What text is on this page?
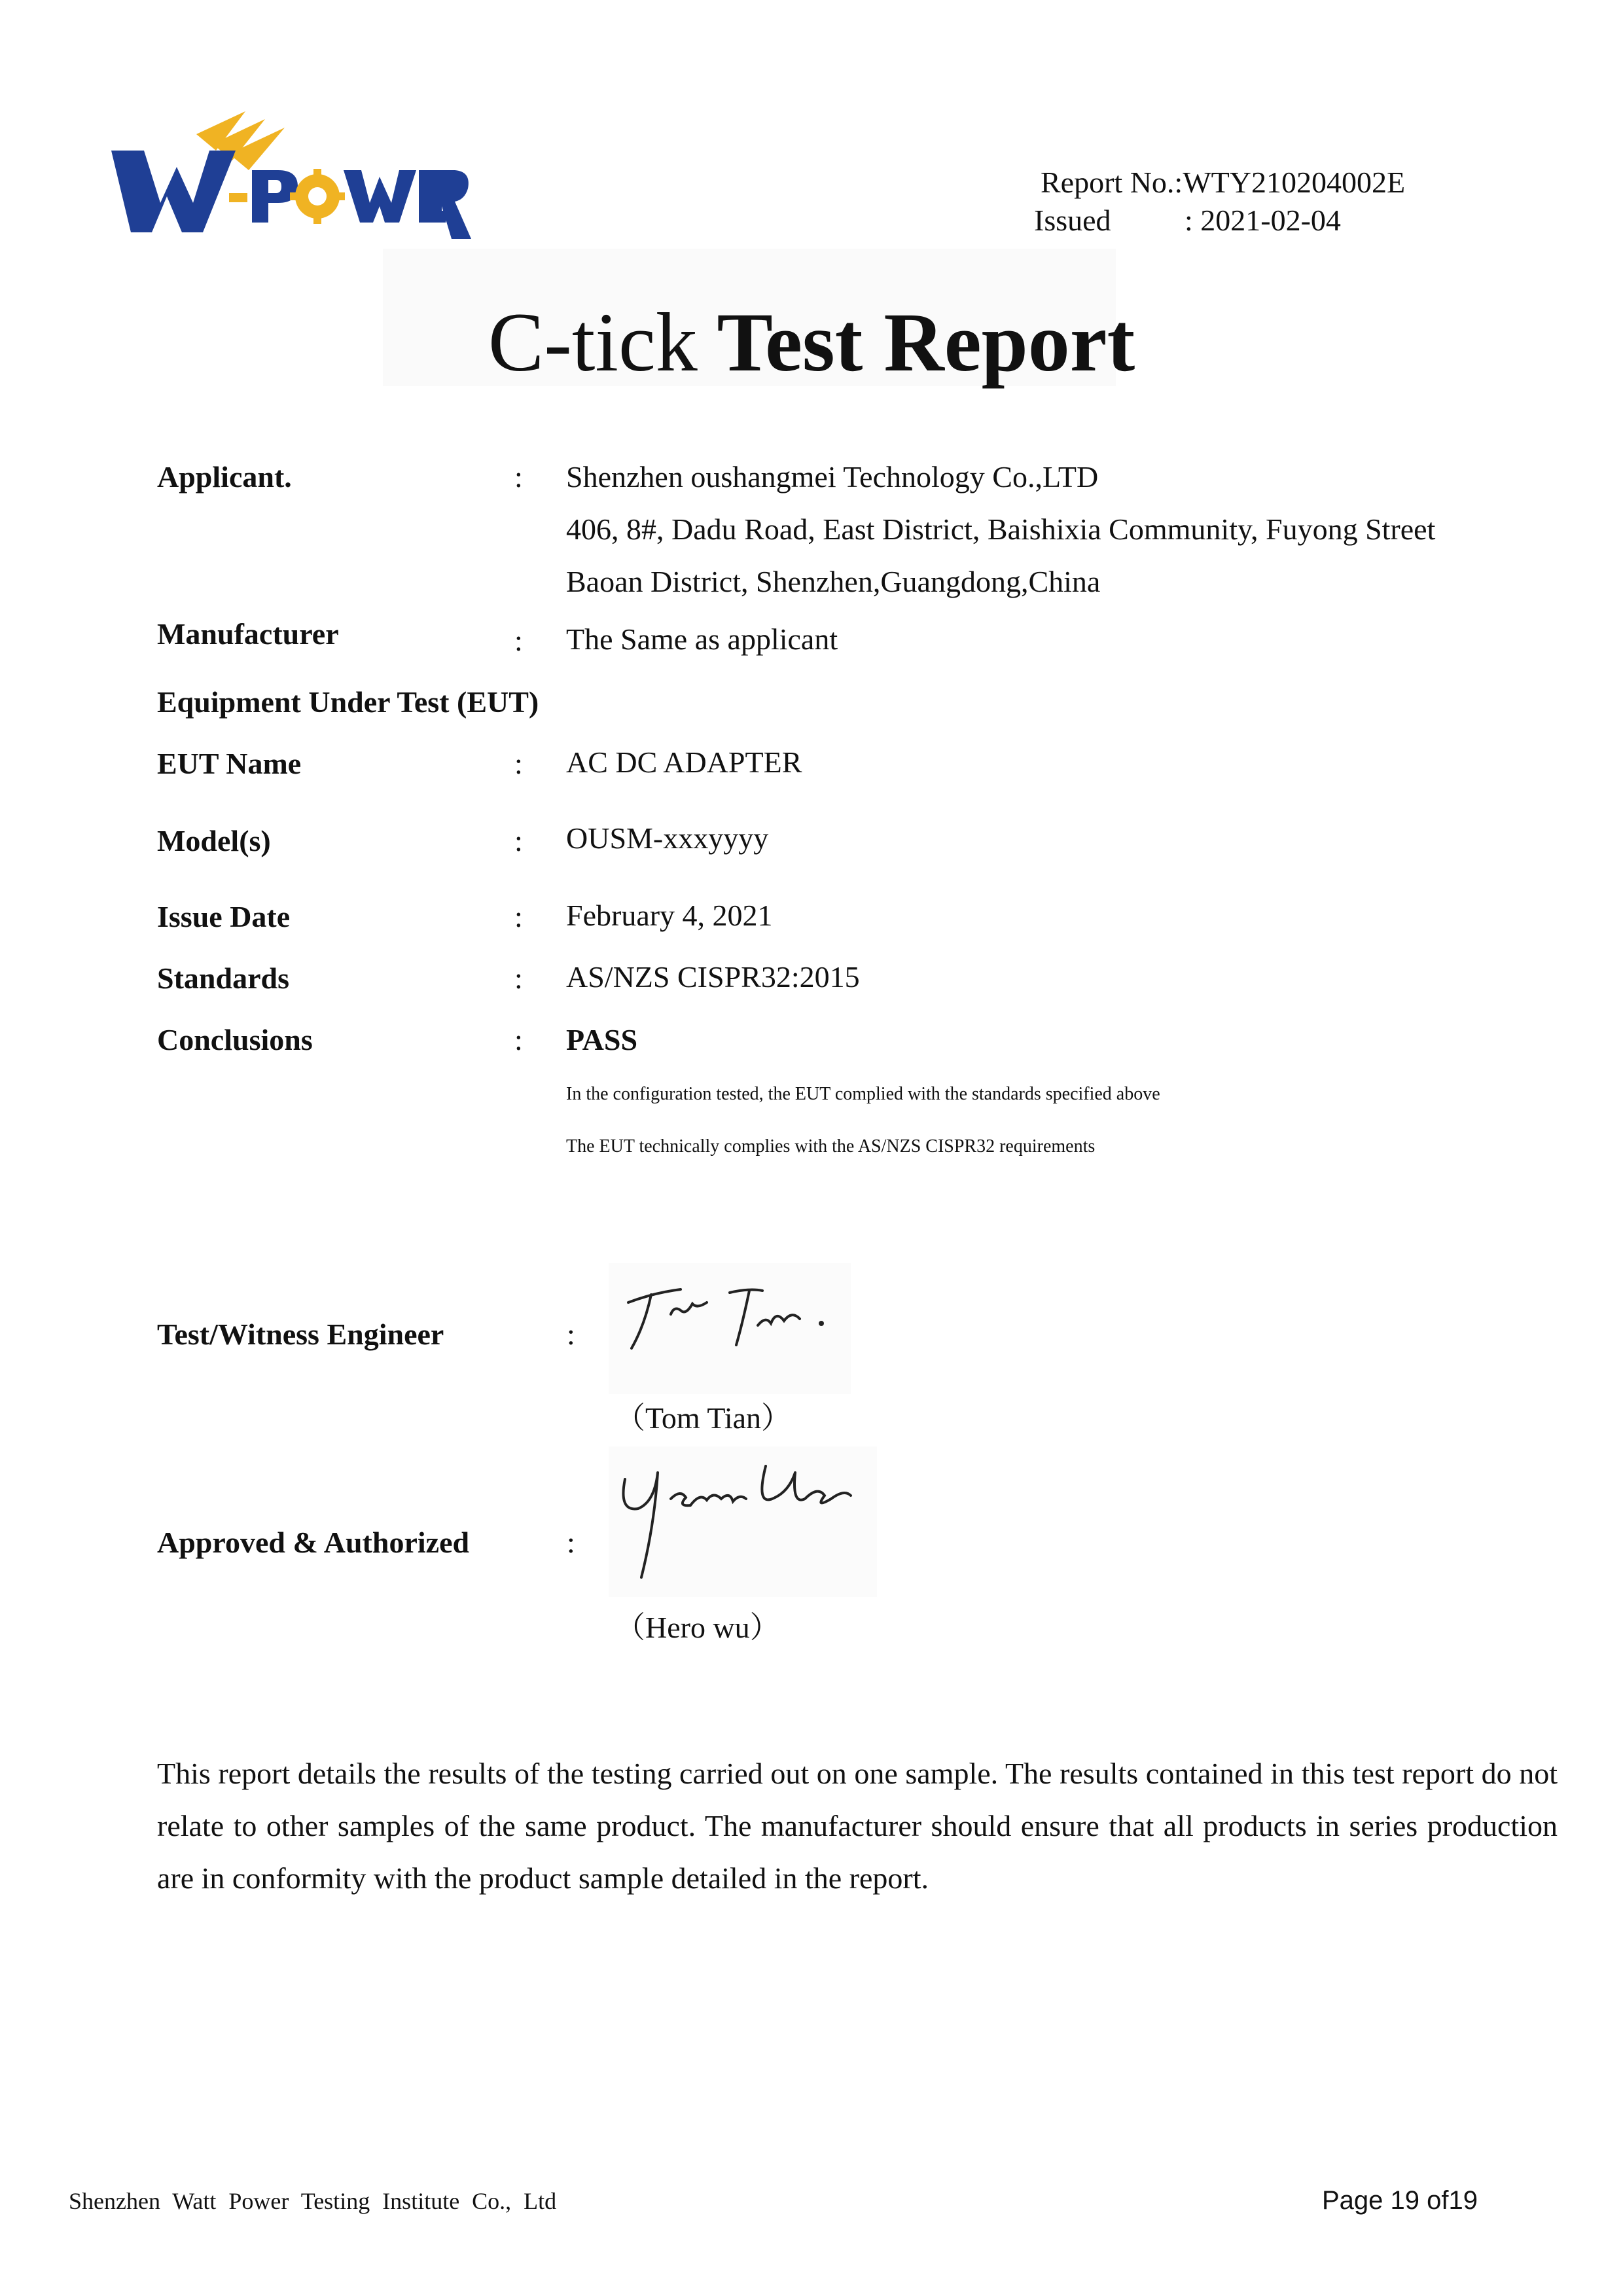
Report No.:WTY210204002E
Issued : 2021-02-04
C-tick Test Report
Applicant.	: Shenzhen oushangmei Technology Co.,LTD
406, 8#, Dadu Road, East District, Baishixia Community, Fuyong Street
Baoan District, Shenzhen,Guangdong,China
Manufacturer	: The Same as applicant
Equipment Under Test (EUT)
EUT Name	: AC DC ADAPTER
Model(s)	: OUSM-xxxyyyy
Issue Date	: February 4, 2021
Standards	: AS/NZS CISPR32:2015
Conclusions	: PASS
In the configuration tested, the EUT complied with the standards specified above
The EUT technically complies with the AS/NZS CISPR32 requirements
Test/Witness Engineer	:
（Tom Tian）
Approved & Authorized	:
（Hero wu）
This report details the results of the testing carried out on one sample. The results contained in this test report do not relate to other samples of the same product. The manufacturer should ensure that all products in series production are in conformity with the product sample detailed in the report.
Shenzhen Watt Power Testing Institute Co., Ltd	Page 19 of19
